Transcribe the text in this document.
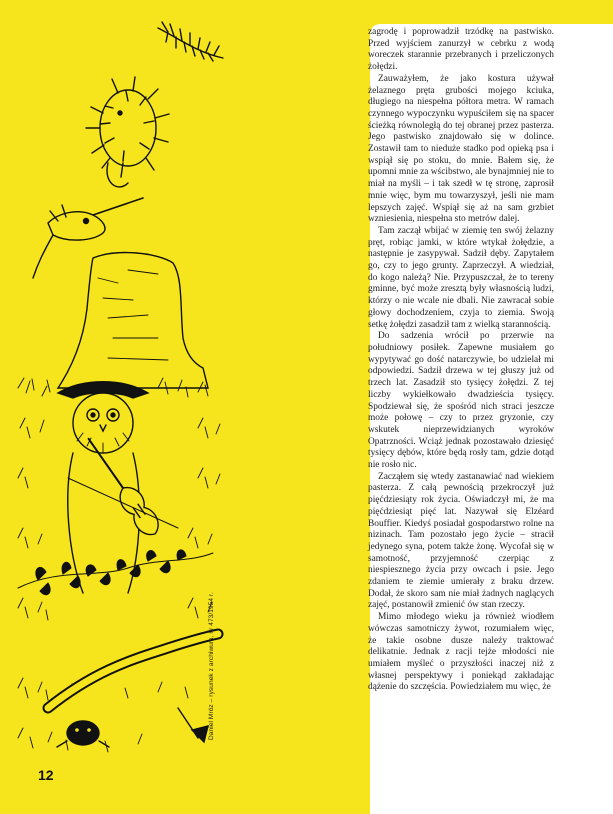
Daniel Mróz – rysunek z archiwum, nr 473/1954 r.
12

zagrodę i poprowadził trzódkę na pastwisko. Przed wyjściem zanurzył w cebrku z wodą woreczek starannie przebranych i przeliczonych żołędzi.

Zauważyłem, że jako kostura używał żelaznego pręta grubości mojego kciuka, długiego na niespełna półtora metra. W ramach czynnego wypoczynku wypuściłem się na spacer ścieżką równoległą do tej obranej przez pasterza. Jego pastwisko znajdowało się w dolince. Zostawił tam to nieduże stadko pod opieką psa i wspiął się po stoku, do mnie. Bałem się, że upomni mnie za wścibstwo, ale bynajmniej nie to miał na myśli – i tak szedł w tę stronę, zaprosił mnie więc, bym mu towarzyszył, jeśli nie mam lepszych zajęć. Wspiął się aż na sam grzbiet wzniesienia, niespełna sto metrów dalej.

Tam zaczął wbijać w ziemię ten swój żelazny pręt, robiąc jamki, w które wtykał żołędzie, a następnie je zasypywał. Sadził dęby. Zapytałem go, czy to jego grunty. Zaprzeczył. A wiedział, do kogo należą? Nie. Przypuszczał, że to tereny gminne, być może zresztą były własnością ludzi, którzy o nie wcale nie dbali. Nie zawracał sobie głowy dochodzeniem, czyja to ziemia. Swoją setkę żołędzi zasadził tam z wielką starannością.

Do sadzenia wrócił po przerwie na południowy posiłek. Zapewne musiałem go wypytywać go dość natarczywie, bo udzielał mi odpowiedzi. Sadził drzewa w tej głuszy już od trzech lat. Zasadził sto tysięcy żołędzi. Z tej liczby wykiełkowało dwadzieścia tysięcy. Spodziewał się, że spośród nich straci jeszcze może połowę – czy to przez gryzonie, czy wskutek nieprzewidzianych wyroków Opatrzności. Wciąż jednak pozostawało dziesięć tysięcy dębów, które będą rosły tam, gdzie dotąd nie rosło nic.

Zacząłem się wtedy zastanawiać nad wiekiem pasterza. Z całą pewnością przekroczył już pięćdziesiąty rok życia. Oświadczył mi, że ma pięćdziesiąt pięć lat. Nazywał się Elzéard Bouffier. Kiedyś posiadał gospodarstwo rolne na nizinach. Tam pozostało jego życie – stracił jedynego syna, potem także żonę. Wycofał się w samotność, przyjemność czerpiąc z niespiesznego życia przy owcach i psie. Jego zdaniem te ziemie umierały z braku drzew. Dodał, że skoro sam nie miał żadnych naglących zajęć, postanowił zmienić ów stan rzeczy.

Mimo młodego wieku ja również wiodłem wówczas samotniczy żywot, rozumiałem więc, że takie osobne dusze należy traktować delikatnie. Jednak z racji tejże młodości nie umiałem myśleć o przyszłości inaczej niż z własnej perspektywy i poniekąd zakładając dążenie do szczęścia. Powiedziałem mu więc, że
